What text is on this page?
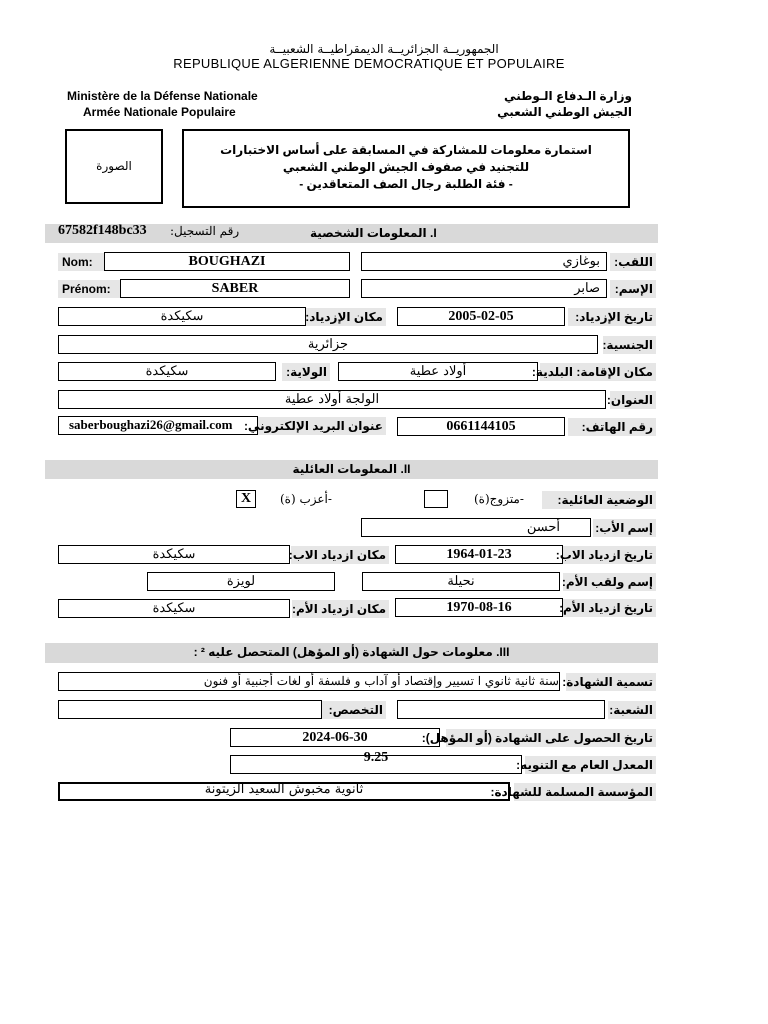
الجمهوريــة الجزائريــة الديمقراطيــة الشعبيــة
REPUBLIQUE ALGERIENNE DEMOCRATIQUE ET POPULAIRE
Ministère de la Défense Nationale
Armée Nationale Populaire
وزارة الـدفاع الـوطني
الجيش الوطني الشعبي
الصورة
استمارة معلومات للمشاركة في المسابقة على أساس الاختبارات
للتجنيد في صفوف الجيش الوطني الشعبي
- فئة الطلبة رجال الصف المتعاقدين -
I. المعلومات الشخصية
رقم التسجيل:
67582f148bc33
Nom:	BOUGHAZI	بوغازي	اللقب:
Prénom:	SABER	صابر	الإسم:
سكيكدة	مكان الإزدياد:	2005-02-05	تاريخ الإزدياد:
جزائرية	الجنسية:
سكيكدة	الولاية:	أولاد عطية	مكان الإقامة: البلدية:
الولجة أولاد عطية	العنوان:
saberboughazi26@gmail.com عنوان البريد الإلكتروني:	0661144105	رقم الهاتف:
II. المعلومات العائلية
X	-أعزب (ة)	-متزوج(ة)	الوضعية العائلية:
أحسن	إسم الأب:
سكيكدة	مكان ازدياد الاب:	1964-01-23	تاريخ ازدياد الاب:
لويزة	نحيلة	إسم ولقب الأم:
سكيكدة	مكان ازدياد الأم:	1970-08-16	تاريخ ازدياد الأم:
III. معلومات حول الشهادة (أو المؤهل) المتحصل عليه ² :
سنة ثانية ثانوي ا تسيير وإقتصاد أو آداب و فلسفة أو لغات أجنبية أو فنون تسمية الشهادة:
التخصص:	الشعبة:
2024-06-30	تاريخ الحصول على الشهادة (أو المؤهل):
9.25	المعدل العام مع التنويه:
ثانوية مخبوش السعيد الزيتونة	المؤسسة المسلمة للشهادة:
